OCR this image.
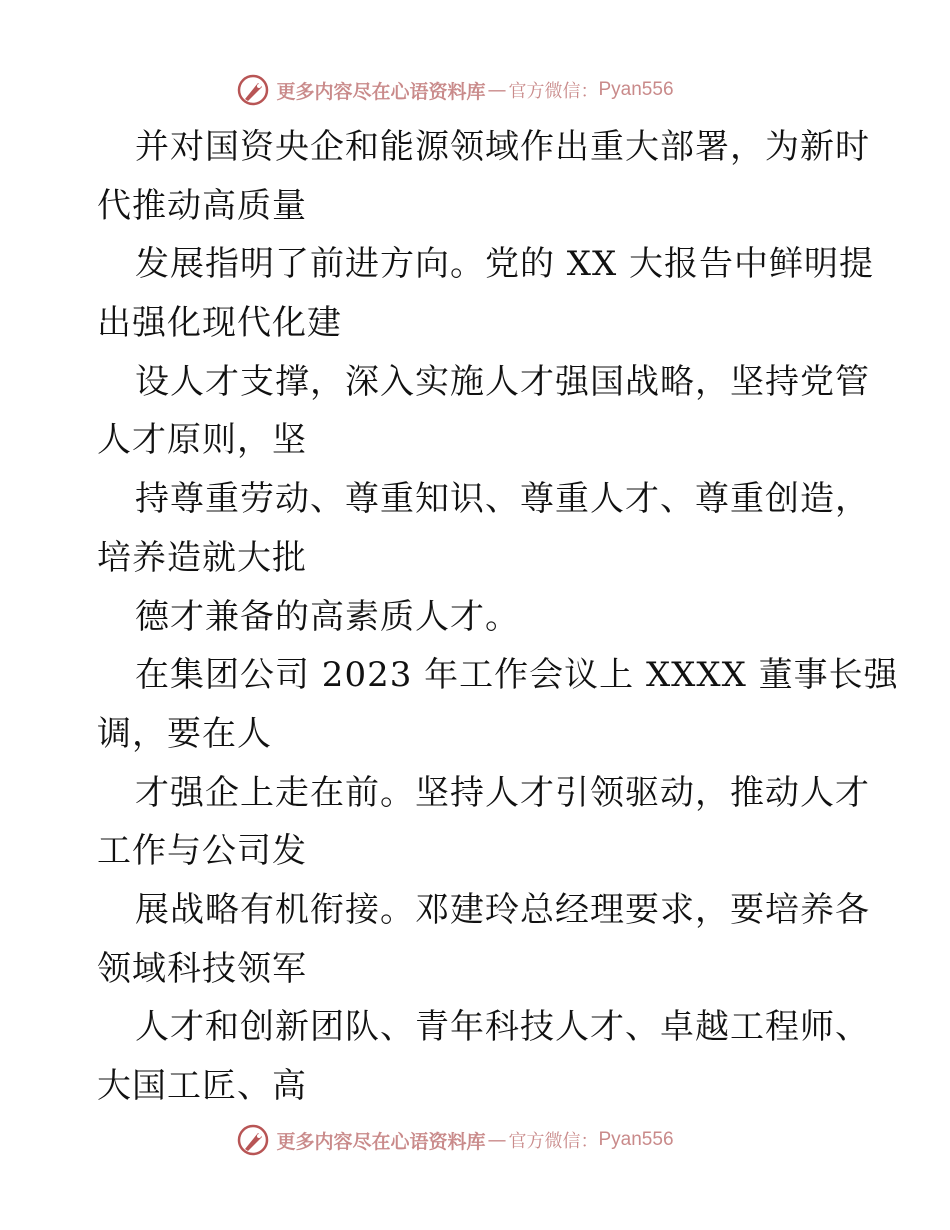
更多内容尽在心语资料库 — 官方微信： Pyan556
并对国资央企和能源领域作出重大部署，为新时
代推动高质量
发展指明了前进方向。党的 XX 大报告中鲜明提
出强化现代化建
设人才支撑，深入实施人才强国战略，坚持党管
人才原则，坚
持尊重劳动、尊重知识、尊重人才、尊重创造，
培养造就大批
德才兼备的高素质人才。
在集团公司 2023 年工作会议上 XXXX 董事长强
调，要在人
才强企上走在前。坚持人才引领驱动，推动人才
工作与公司发
展战略有机衔接。邓建玲总经理要求，要培养各
领域科技领军
人才和创新团队、青年科技人才、卓越工程师、
大国工匠、高
更多内容尽在心语资料库 — 官方微信： Pyan556
